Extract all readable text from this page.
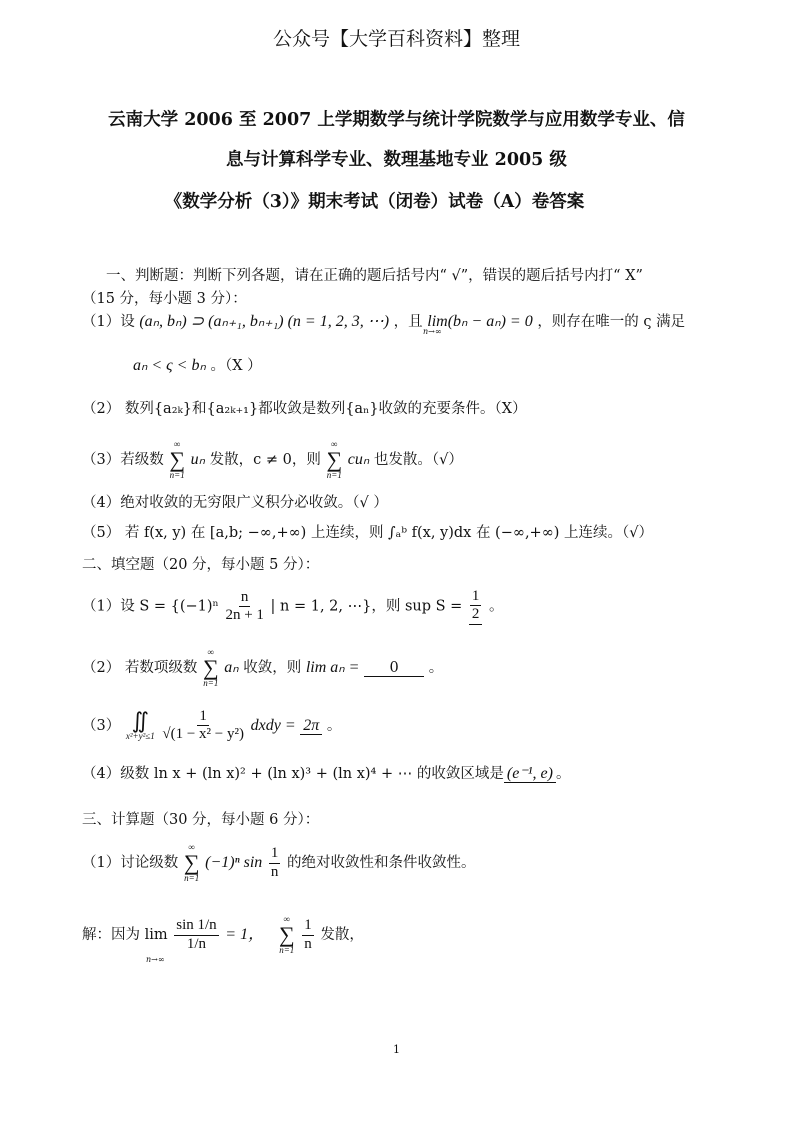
公众号【大学百科资料】整理
云南大学 2006 至 2007 上学期数学与统计学院数学与应用数学专业、信
息与计算科学专业、数理基地专业 2005 级
《数学分析（3）》期末考试（闭卷）试卷（A）卷答案
一、判断题：判断下列各题，请在正确的题后括号内“ √”，错误的题后括号内打“ X”
（15 分，每小题 3 分）：
（1）设 (aₙ, bₙ) ⊃ (aₙ₊₁, bₙ₊₁) (n = 1, 2, 3, ⋯) ，且 lim(bₙ − aₙ) = 0 ，则存在唯一的 ς 满足
n→∞
aₙ < ς < bₙ 。（X ）
（2） 数列{a₂ₖ}和{a₂ₖ₊₁}都收敛是数列{aₙ}收敛的充要条件。（X）
（3）若级数
∞
∑
n=1
uₙ 发散，c ≠ 0，则
∞
∑
n=1
cuₙ 也发散。（√）
（4）绝对收敛的无穷限广义积分必收敛。（√ ）
（5） 若 f(x, y) 在 [a,b; −∞,+∞) 上连续，则 ∫ₐᵇ f(x, y)dx 在 (−∞,+∞) 上连续。（√）
二、填空题（20 分，每小题 5 分）：
（1）设 $S = \{(-1)^n \frac{n}{2n + 1}$ | n = 1, 2, ⋯}，则 sup $S = \frac{1}{2}$ 。
（2） 若数项级数
∞
∑
n=1
aₙ 收敛，则 lim aₙ = 0 。
（3） ∬
x²+y²≤1
$\frac{1}{\text{√(1 − x² − y²)}}$ dxdy = 2π 。
（4）级数 ln x + (ln x)² + (ln x)³ + (ln x)⁴ + ⋯ 的收敛区域是 (e⁻¹, e) 。
三、计算题（30 分，每小题 6 分）：
（1）讨论级数
∞
∑
n=1
(−1)ⁿ $\sin \frac{1}{n}$ 的绝对收敛性和条件收敛性。
解：因为 $\lim \frac{\sin 1/n}{1/n} = 1$，
∞
∑
n=1
$\frac{1}{n}$ 发散，
n→∞
1
